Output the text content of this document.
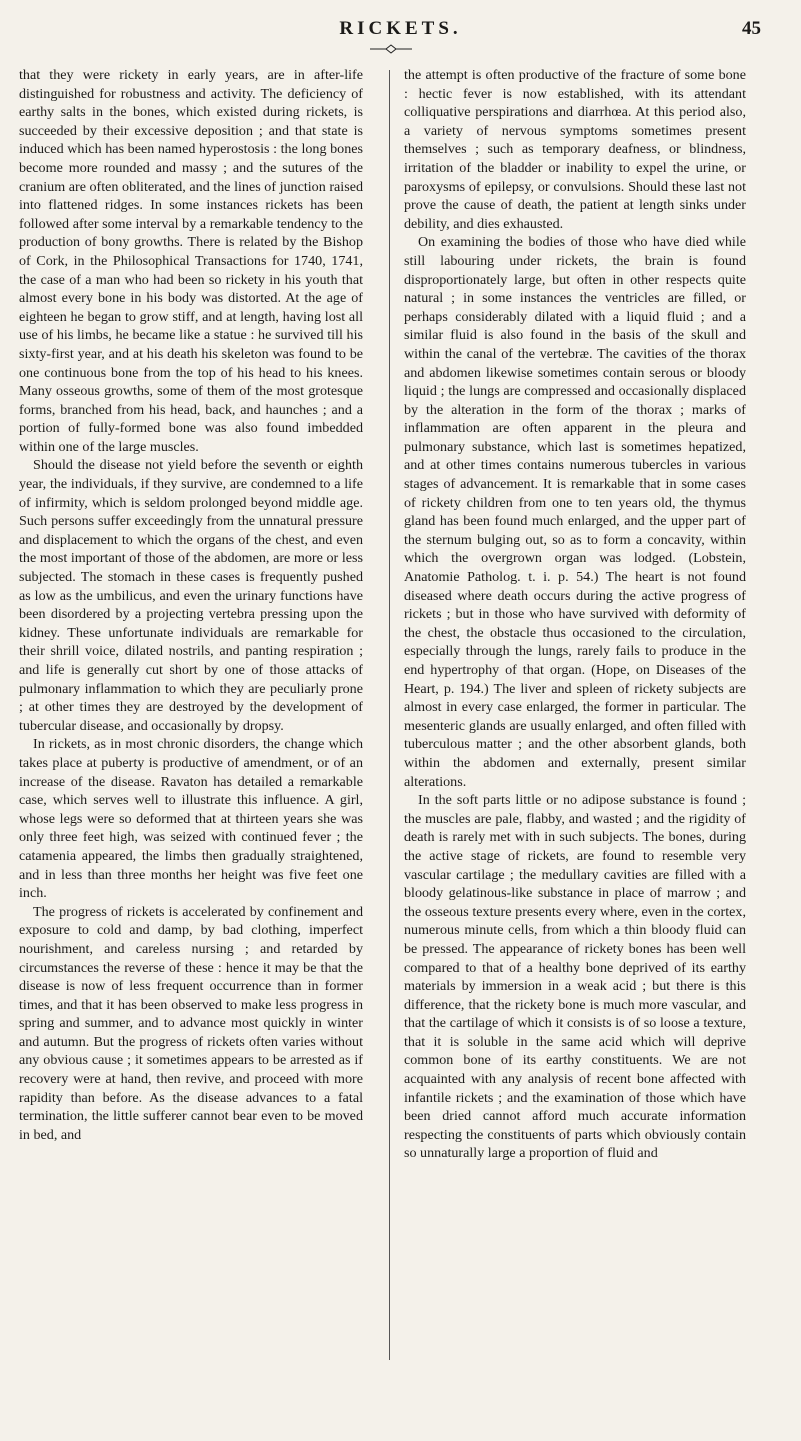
RICKETS.	45

that they were rickety in early years, are in after-life distinguished for robustness and activity. The deficiency of earthy salts in the bones, which existed during rickets, is succeeded by their excessive deposition ; and that state is induced which has been named hyperostosis : the long bones become more rounded and massy ; and the sutures of the cranium are often obliterated, and the lines of junction raised into flattened ridges. In some instances rickets has been followed after some interval by a remarkable tendency to the production of bony growths. There is related by the Bishop of Cork, in the Philosophical Transactions for 1740, 1741, the case of a man who had been so rickety in his youth that almost every bone in his body was distorted. At the age of eighteen he began to grow stiff, and at length, having lost all use of his limbs, he became like a statue : he survived till his sixty-first year, and at his death his skeleton was found to be one continuous bone from the top of his head to his knees. Many osseous growths, some of them of the most grotesque forms, branched from his head, back, and haunches ; and a portion of fully-formed bone was also found imbedded within one of the large muscles.

Should the disease not yield before the seventh or eighth year, the individuals, if they survive, are condemned to a life of infirmity, which is seldom prolonged beyond middle age. Such persons suffer exceedingly from the unnatural pressure and displacement to which the organs of the chest, and even the most important of those of the abdomen, are more or less subjected. The stomach in these cases is frequently pushed as low as the umbilicus, and even the urinary functions have been disordered by a projecting vertebra pressing upon the kidney. These unfortunate individuals are remarkable for their shrill voice, dilated nostrils, and panting respiration ; and life is generally cut short by one of those attacks of pulmonary inflammation to which they are peculiarly prone ; at other times they are destroyed by the development of tubercular disease, and occasionally by dropsy.

In rickets, as in most chronic disorders, the change which takes place at puberty is productive of amendment, or of an increase of the disease. Ravaton has detailed a remarkable case, which serves well to illustrate this influence. A girl, whose legs were so deformed that at thirteen years she was only three feet high, was seized with continued fever ; the catamenia appeared, the limbs then gradually straightened, and in less than three months her height was five feet one inch.

The progress of rickets is accelerated by confinement and exposure to cold and damp, by bad clothing, imperfect nourishment, and careless nursing ; and retarded by circumstances the reverse of these : hence it may be that the disease is now of less frequent occurrence than in former times, and that it has been observed to make less progress in spring and summer, and to advance most quickly in winter and autumn. But the progress of rickets often varies without any obvious cause ; it sometimes appears to be arrested as if recovery were at hand, then revive, and proceed with more rapidity than before. As the disease advances to a fatal termination, the little sufferer cannot bear even to be moved in bed, and

the attempt is often productive of the fracture of some bone : hectic fever is now established, with its attendant colliquative perspirations and diarrhœa. At this period also, a variety of nervous symptoms sometimes present themselves ; such as temporary deafness, or blindness, irritation of the bladder or inability to expel the urine, or paroxysms of epilepsy, or convulsions. Should these last not prove the cause of death, the patient at length sinks under debility, and dies exhausted.

On examining the bodies of those who have died while still labouring under rickets, the brain is found disproportionately large, but often in other respects quite natural ; in some instances the ventricles are filled, or perhaps considerably dilated with a liquid fluid ; and a similar fluid is also found in the basis of the skull and within the canal of the vertebræ. The cavities of the thorax and abdomen likewise sometimes contain serous or bloody liquid ; the lungs are compressed and occasionally displaced by the alteration in the form of the thorax ; marks of inflammation are often apparent in the pleura and pulmonary substance, which last is sometimes hepatized, and at other times contains numerous tubercles in various stages of advancement. It is remarkable that in some cases of rickety children from one to ten years old, the thymus gland has been found much enlarged, and the upper part of the sternum bulging out, so as to form a concavity, within which the overgrown organ was lodged. (Lobstein, Anatomie Patholog. t. i. p. 54.) The heart is not found diseased where death occurs during the active progress of rickets ; but in those who have survived with deformity of the chest, the obstacle thus occasioned to the circulation, especially through the lungs, rarely fails to produce in the end hypertrophy of that organ. (Hope, on Diseases of the Heart, p. 194.) The liver and spleen of rickety subjects are almost in every case enlarged, the former in particular. The mesenteric glands are usually enlarged, and often filled with tuberculous matter ; and the other absorbent glands, both within the abdomen and externally, present similar alterations.

In the soft parts little or no adipose substance is found ; the muscles are pale, flabby, and wasted ; and the rigidity of death is rarely met with in such subjects. The bones, during the active stage of rickets, are found to resemble very vascular cartilage ; the medullary cavities are filled with a bloody gelatinous-like substance in place of marrow ; and the osseous texture presents every where, even in the cortex, numerous minute cells, from which a thin bloody fluid can be pressed. The appearance of rickety bones has been well compared to that of a healthy bone deprived of its earthy materials by immersion in a weak acid ; but there is this difference, that the rickety bone is much more vascular, and that the cartilage of which it consists is of so loose a texture, that it is soluble in the same acid which will deprive common bone of its earthy constituents. We are not acquainted with any analysis of recent bone affected with infantile rickets ; and the examination of those which have been dried cannot afford much accurate information respecting the constituents of parts which obviously contain so unnaturally large a proportion of fluid and
